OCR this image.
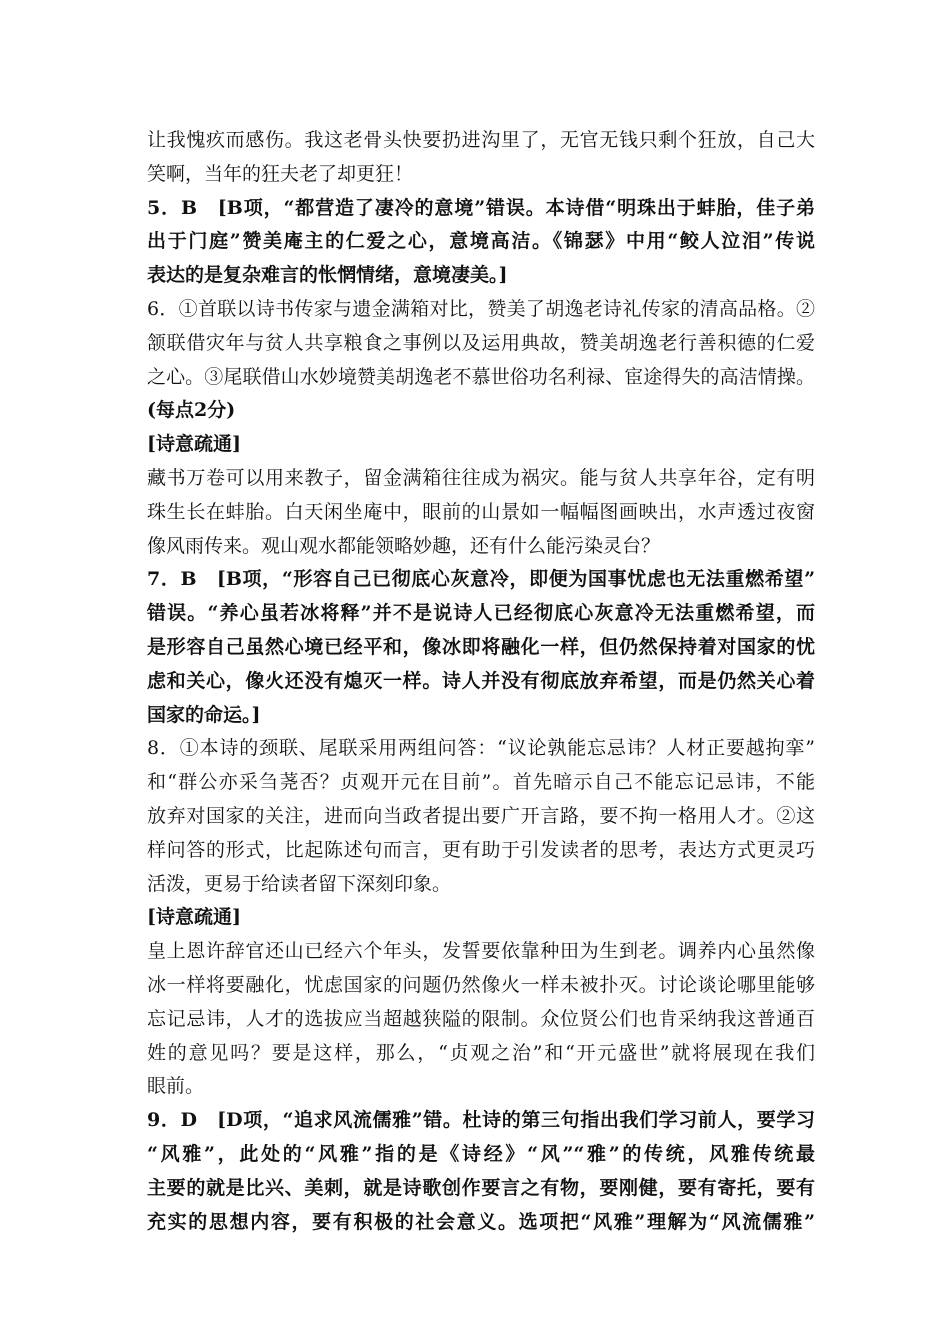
让我愧疚而感伤。我这老骨头快要扔进沟里了，无官无钱只剩个狂放，自己大
笑啊，当年的狂夫老了却更狂！
5．B　[B项，“都营造了凄冷的意境”错误。本诗借“明珠出于蚌胎，佳子弟
出于门庭”赞美庵主的仁爱之心，意境高洁。《锦瑟》中用“鲛人泣泪”传说
表达的是复杂难言的怅惘情绪，意境凄美。]
6．①首联以诗书传家与遗金满箱对比，赞美了胡逸老诗礼传家的清高品格。②
颔联借灾年与贫人共享粮食之事例以及运用典故，赞美胡逸老行善积德的仁爱
之心。③尾联借山水妙境赞美胡逸老不慕世俗功名利禄、宦途得失的高洁情操。
(每点2分)
[诗意疏通]
藏书万卷可以用来教子，留金满箱往往成为祸灾。能与贫人共享年谷，定有明
珠生长在蚌胎。白天闲坐庵中，眼前的山景如一幅幅图画映出，水声透过夜窗
像风雨传来。观山观水都能领略妙趣，还有什么能污染灵台？
7．B　[B项，“形容自己已彻底心灰意冷，即便为国事忧虑也无法重燃希望”
错误。“养心虽若冰将释”并不是说诗人已经彻底心灰意冷无法重燃希望，而
是形容自己虽然心境已经平和，像冰即将融化一样，但仍然保持着对国家的忧
虑和关心，像火还没有熄灭一样。诗人并没有彻底放弃希望，而是仍然关心着
国家的命运。]
8．①本诗的颈联、尾联采用两组问答：“议论孰能忘忌讳？人材正要越拘挛”
和“群公亦采刍荛否？贞观开元在目前”。首先暗示自己不能忘记忌讳，不能
放弃对国家的关注，进而向当政者提出要广开言路，要不拘一格用人才。②这
样问答的形式，比起陈述句而言，更有助于引发读者的思考，表达方式更灵巧
活泼，更易于给读者留下深刻印象。
[诗意疏通]
皇上恩许辞官还山已经六个年头，发誓要依靠种田为生到老。调养内心虽然像
冰一样将要融化，忧虑国家的问题仍然像火一样未被扑灭。讨论谈论哪里能够
忘记忌讳，人才的选拔应当超越狭隘的限制。众位贤公们也肯采纳我这普通百
姓的意见吗？要是这样，那么，“贞观之治”和“开元盛世”就将展现在我们
眼前。
9．D　[D项，“追求风流儒雅”错。杜诗的第三句指出我们学习前人，要学习
“风雅”，此处的“风雅”指的是《诗经》“风”“雅”的传统，风雅传统最
主要的就是比兴、美刺，就是诗歌创作要言之有物，要刚健，要有寄托，要有
充实的思想内容，要有积极的社会意义。选项把“风雅”理解为“风流儒雅”
